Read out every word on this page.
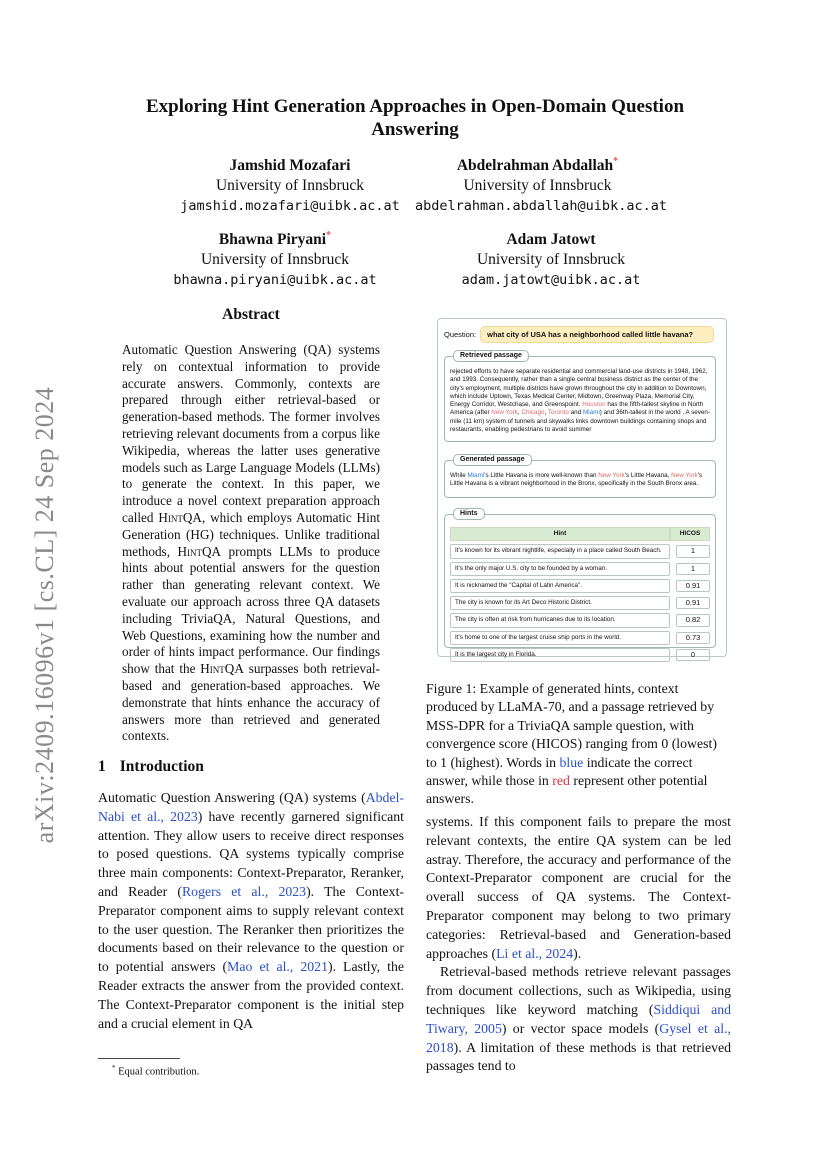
arXiv:2409.16096v1 [cs.CL] 24 Sep 2024
Exploring Hint Generation Approaches in Open-Domain Question Answering
Jamshid Mozafari
University of Innsbruck
jamshid.mozafari@uibk.ac.at
Abdelrahman Abdallah*
University of Innsbruck
abdelrahman.abdallah@uibk.ac.at
Bhawna Piryani*
University of Innsbruck
bhawna.piryani@uibk.ac.at
Adam Jatowt
University of Innsbruck
adam.jatowt@uibk.ac.at
Abstract
Automatic Question Answering (QA) systems rely on contextual information to provide accurate answers. Commonly, contexts are prepared through either retrieval-based or generation-based methods. The former involves retrieving relevant documents from a corpus like Wikipedia, whereas the latter uses generative models such as Large Language Models (LLMs) to generate the context. In this paper, we introduce a novel context preparation approach called HintQA, which employs Automatic Hint Generation (HG) techniques. Unlike traditional methods, HintQA prompts LLMs to produce hints about potential answers for the question rather than generating relevant context. We evaluate our approach across three QA datasets including TriviaQA, Natural Questions, and Web Questions, examining how the number and order of hints impact performance. Our findings show that the HintQA surpasses both retrieval-based and generation-based approaches. We demonstrate that hints enhance the accuracy of answers more than retrieved and generated contexts.
1 Introduction

Automatic Question Answering (QA) systems (Abdel-Nabi et al., 2023) have recently garnered significant attention. They allow users to receive direct responses to posed questions. QA systems typically comprise three main components: Context-Preparator, Reranker, and Reader (Rogers et al., 2023). The Context-Preparator component aims to supply relevant context to the user question. The Reranker then prioritizes the documents based on their relevance to the question or to potential answers (Mao et al., 2021). Lastly, the Reader extracts the answer from the provided context. The Context-Preparator component is the initial step and a crucial element in QA

* Equal contribution.
Question:	what city of USA has a neighborhood called little havana?
Retrieved passage
rejected efforts to have separate residential and commercial land-use districts in 1948, 1962, and 1993. Consequently, rather than a single central business district as the center of the city's employment, multiple districts have grown throughout the city in addition to Downtown, which include Uptown, Texas Medical Center, Midtown, Greenway Plaza, Memorial City, Energy Corridor, Westchase, and Greenspoint. Houston has the fifth-tallest skyline in North America (after New York, Chicago, Toronto and Miami) and 36th-tallest in the world . A seven-mile (11 km) system of tunnels and skywalks links downtown buildings containing shops and restaurants, enabling pedestrians to avoid summer
Generated passage
While Miami's Little Havana is more well-known than New York's Little Havana, New York's Little Havana is a vibrant neighborhood in the Bronx, specifically in the South Bronx area.
Hints
Hint	HICOS

It's known for its vibrant nightlife, especially in a place called South Beach.	1

It's the only major U.S. city to be founded by a woman.	1

It is nicknamed the "Capital of Latin America".	0.91

The city is known for its Art Deco Historic District.	0.91

The city is often at risk from hurricanes due to its location.	0.82

It's home to one of the largest cruise ship ports in the world.	0.73

It is the largest city in Florida.	0
Figure 1: Example of generated hints, context produced by LLaMA-70, and a passage retrieved by MSS-DPR for a TriviaQA sample question, with convergence score (HICOS) ranging from 0 (lowest) to 1 (highest). Words in blue indicate the correct answer, while those in red represent other potential answers.

systems. If this component fails to prepare the most relevant contexts, the entire QA system can be led astray. Therefore, the accuracy and performance of the Context-Preparator component are crucial for the overall success of QA systems. The Context-Preparator component may belong to two primary categories: Retrieval-based and Generation-based approaches (Li et al., 2024).

Retrieval-based methods retrieve relevant passages from document collections, such as Wikipedia, using techniques like keyword matching (Siddiqui and Tiwary, 2005) or vector space models (Gysel et al., 2018). A limitation of these methods is that retrieved passages tend to
